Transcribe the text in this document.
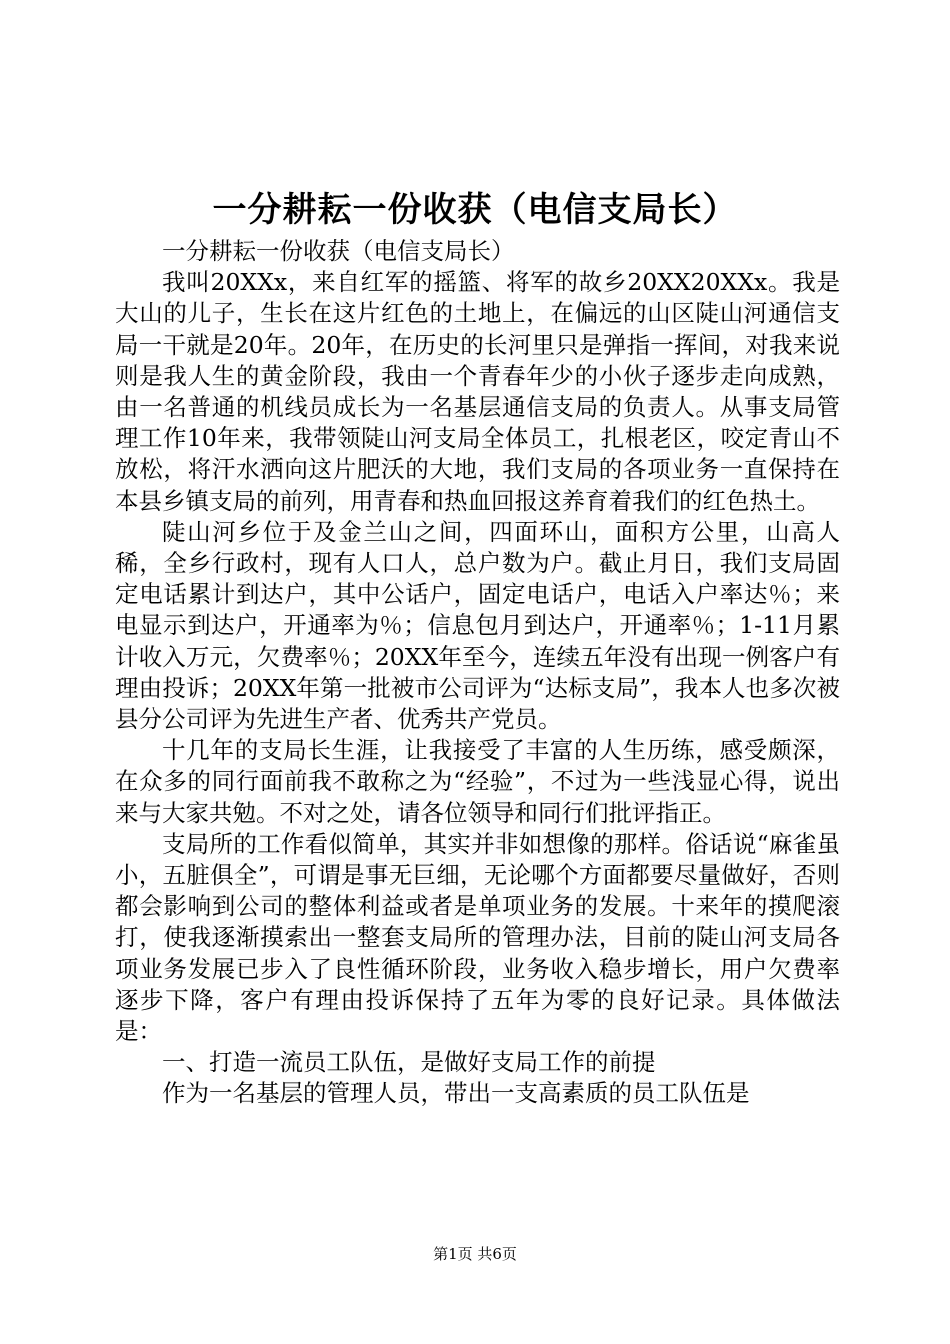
一分耕耘一份收获（电信支局长）

一分耕耘一份收获（电信支局长）

我叫20XXx，来自红军的摇篮、将军的故乡20XX20XXx。我是大山的儿子，生长在这片红色的土地上，在偏远的山区陡山河通信支局一干就是20年。20年，在历史的长河里只是弹指一挥间，对我来说则是我人生的黄金阶段，我由一个青春年少的小伙子逐步走向成熟，由一名普通的机线员成长为一名基层通信支局的负责人。从事支局管理工作10年来，我带领陡山河支局全体员工，扎根老区，咬定青山不放松，将汗水洒向这片肥沃的大地，我们支局的各项业务一直保持在本县乡镇支局的前列，用青春和热血回报这养育着我们的红色热土。

陡山河乡位于及金兰山之间，四面环山，面积方公里，山高人稀，全乡行政村，现有人口人，总户数为户。截止月日，我们支局固定电话累计到达户，其中公话户，固定电话户，电话入户率达％；来电显示到达户，开通率为％；信息包月到达户，开通率％；1-11月累计收入万元，欠费率％；20XX年至今，连续五年没有出现一例客户有理由投诉；20XX年第一批被市公司评为“达标支局”，我本人也多次被县分公司评为先进生产者、优秀共产党员。

十几年的支局长生涯，让我接受了丰富的人生历练，感受颇深，在众多的同行面前我不敢称之为“经验”，不过为一些浅显心得，说出来与大家共勉。不对之处，请各位领导和同行们批评指正。

支局所的工作看似简单，其实并非如想像的那样。俗话说“麻雀虽小，五脏俱全”，可谓是事无巨细，无论哪个方面都要尽量做好，否则都会影响到公司的整体利益或者是单项业务的发展。十来年的摸爬滚打，使我逐渐摸索出一整套支局所的管理办法，目前的陡山河支局各项业务发展已步入了良性循环阶段，业务收入稳步增长，用户欠费率逐步下降，客户有理由投诉保持了五年为零的良好记录。具体做法是：

一、打造一流员工队伍，是做好支局工作的前提

作为一名基层的管理人员，带出一支高素质的员工队伍是

第1页 共6页
